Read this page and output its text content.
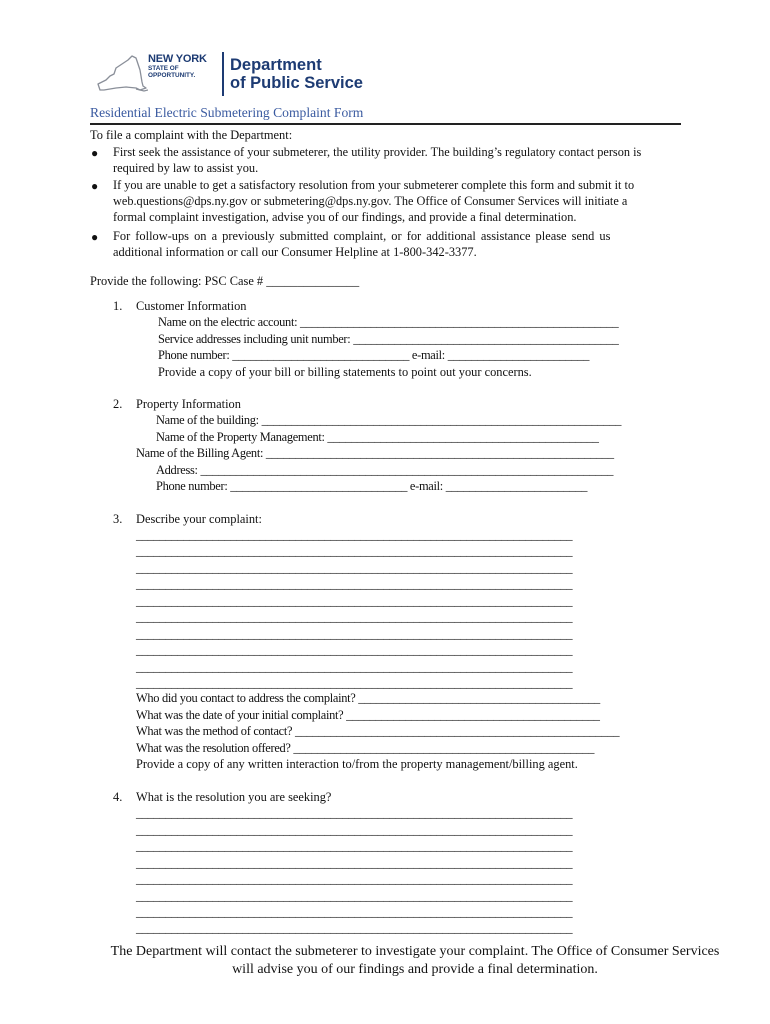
NEW YORK
STATE OF
OPPORTUNITY.
Department
of Public Service
Residential Electric Submetering Complaint Form
To file a complaint with the Department:
● First seek the assistance of your submeterer, the utility provider. The building’s regulatory contact person is
required by law to assist you.
● If you are unable to get a satisfactory resolution from your submeterer complete this form and submit it to
web.questions@dps.ny.gov or submetering@dps.ny.gov. The Office of Consumer Services will initiate a
formal complaint investigation, advise you of our findings, and provide a final determination.
● For follow-ups on a previously submitted complaint, or for additional assistance please send us
additional information or call our Consumer Helpline at 1-800-342-3377.
Provide the following: PSC Case # _______________
1. Customer Information
Name on the electric account: ______________________________________________________
Service addresses including unit number: _____________________________________________
Phone number: ______________________________ e-mail: ________________________
Provide a copy of your bill or billing statements to point out your concerns.
2. Property Information
Name of the building: _____________________________________________________________
Name of the Property Management: ______________________________________________
Name of the Billing Agent: ___________________________________________________________
Address: ______________________________________________________________________
Phone number: ______________________________ e-mail: ________________________
3. Describe your complaint:
__________________________________________________________________________
__________________________________________________________________________
__________________________________________________________________________
__________________________________________________________________________
__________________________________________________________________________
__________________________________________________________________________
__________________________________________________________________________
__________________________________________________________________________
__________________________________________________________________________
__________________________________________________________________________
Who did you contact to address the complaint? _________________________________________
What was the date of your initial complaint? ___________________________________________
What was the method of contact? _______________________________________________________
What was the resolution offered? ___________________________________________________
Provide a copy of any written interaction to/from the property management/billing agent.
4. What is the resolution you are seeking?
__________________________________________________________________________
__________________________________________________________________________
__________________________________________________________________________
__________________________________________________________________________
__________________________________________________________________________
__________________________________________________________________________
__________________________________________________________________________
__________________________________________________________________________
The Department will contact the submeterer to investigate your complaint. The Office of Consumer Services
will advise you of our findings and provide a final determination.
